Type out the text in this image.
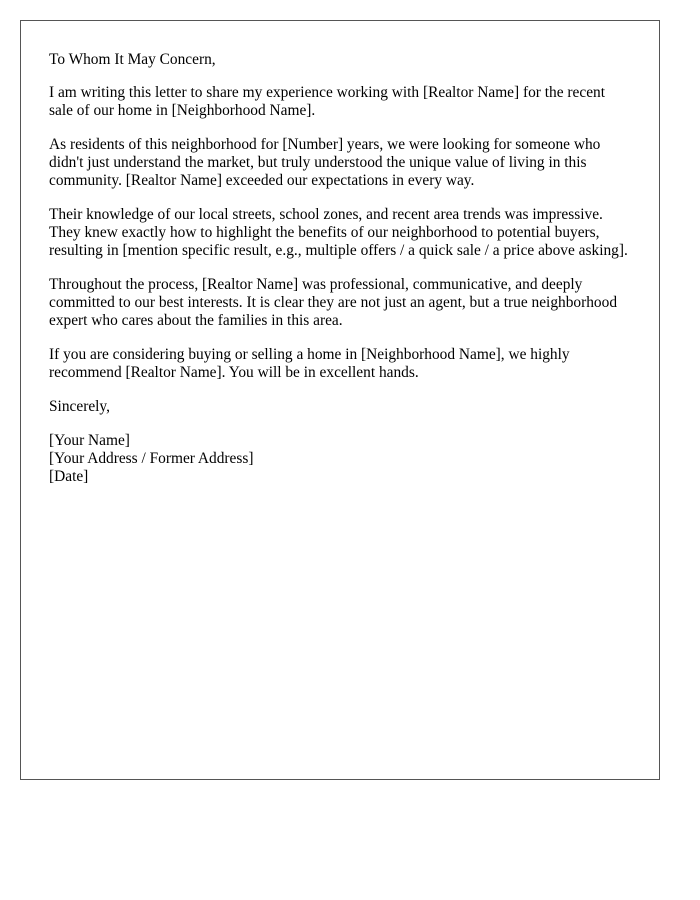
To Whom It May Concern,

I am writing this letter to share my experience working with [Realtor Name] for the recent sale of our home in [Neighborhood Name].

As residents of this neighborhood for [Number] years, we were looking for someone who didn't just understand the market, but truly understood the unique value of living in this community. [Realtor Name] exceeded our expectations in every way.

Their knowledge of our local streets, school zones, and recent area trends was impressive. They knew exactly how to highlight the benefits of our neighborhood to potential buyers, resulting in [mention specific result, e.g., multiple offers / a quick sale / a price above asking].

Throughout the process, [Realtor Name] was professional, communicative, and deeply committed to our best interests. It is clear they are not just an agent, but a true neighborhood expert who cares about the families in this area.

If you are considering buying or selling a home in [Neighborhood Name], we highly recommend [Realtor Name]. You will be in excellent hands.

Sincerely,

[Your Name]

[Your Address / Former Address]

[Date]
